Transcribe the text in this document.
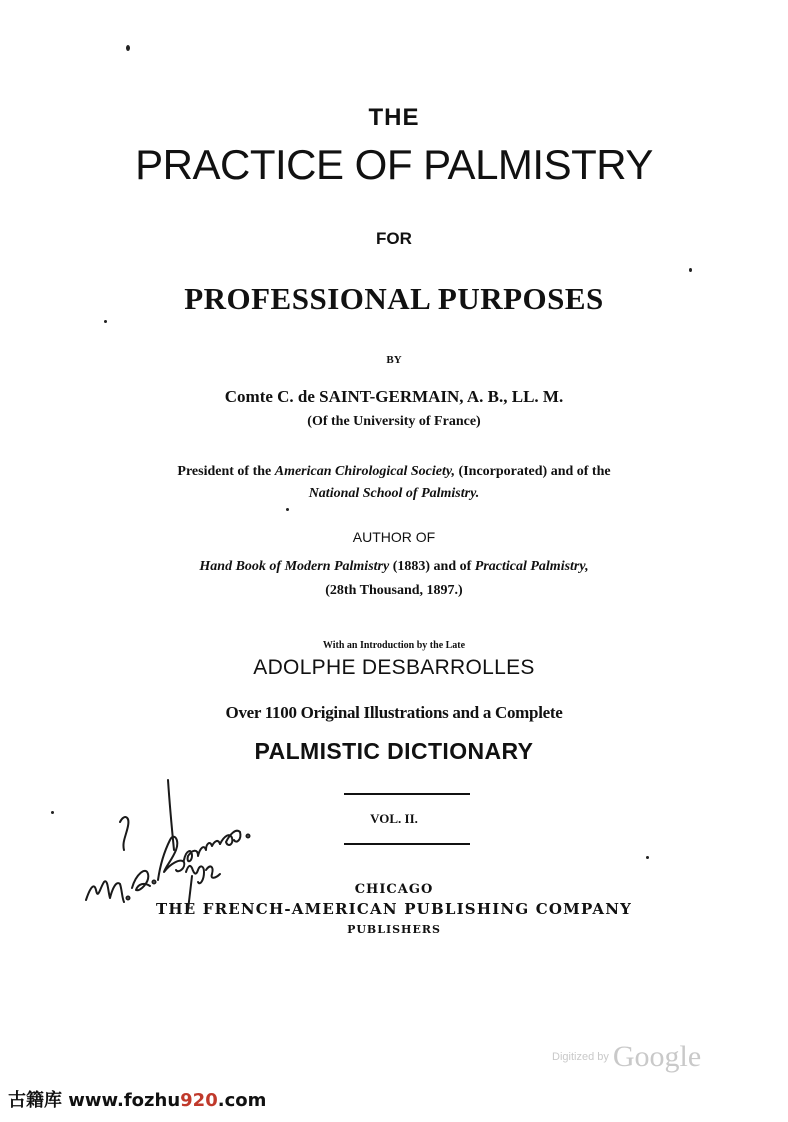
THE
PRACTICE OF PALMISTRY
FOR
PROFESSIONAL PURPOSES
BY
Comte C. de SAINT-GERMAIN, A. B., LL. M.
(Of the University of France)
President of the American Chirological Society, (Incorporated) and of the
National School of Palmistry.
AUTHOR OF
Hand Book of Modern Palmistry (1883) and of Practical Palmistry,
(28th Thousand, 1897.)
With an Introduction by the Late
ADOLPHE DESBARROLLES
Over 1100 Original Illustrations and a Complete
PALMISTIC DICTIONARY
VOL. II.
CHICAGO
THE FRENCH-AMERICAN PUBLISHING COMPANY
PUBLISHERS
Digitized by Google
古籍库 www.fozhu920.com
